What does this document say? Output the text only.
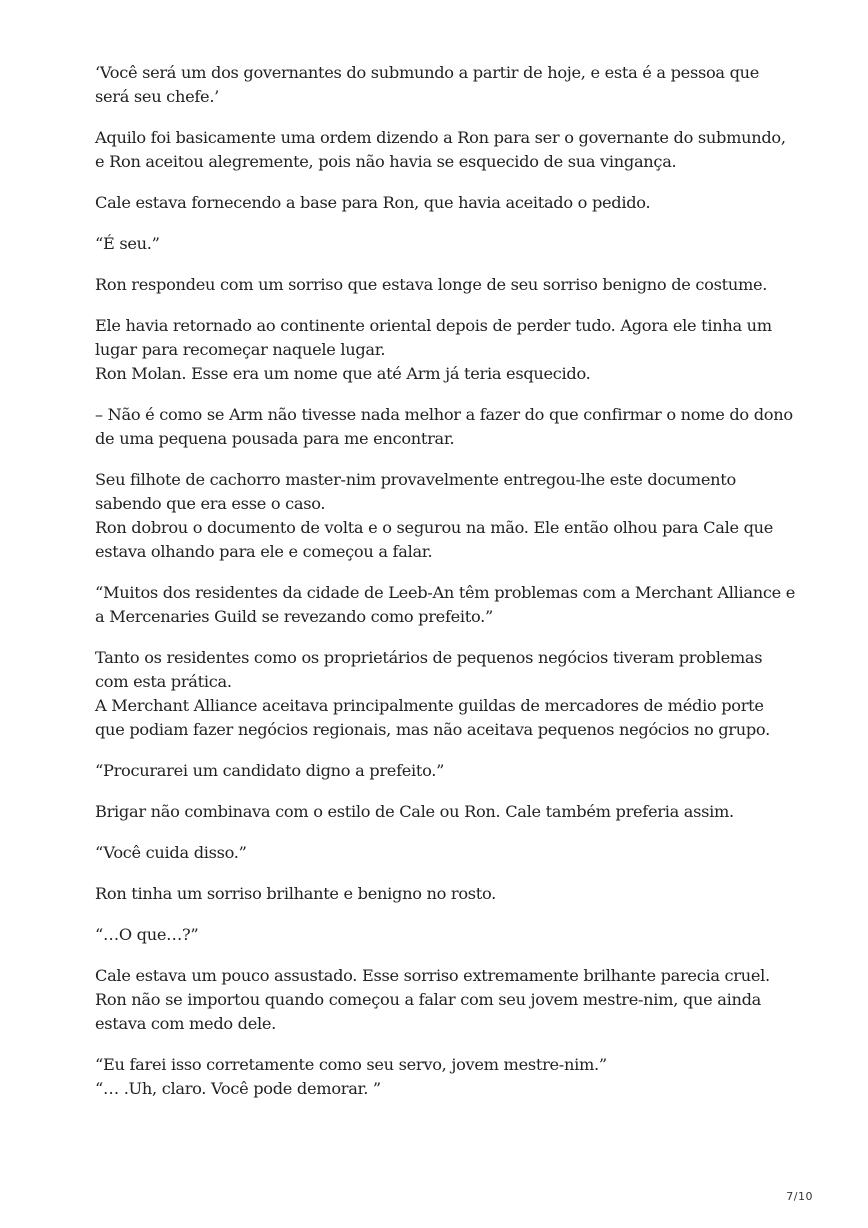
‘Você será um dos governantes do submundo a partir de hoje, e esta é a pessoa que será seu chefe.’

Aquilo foi basicamente uma ordem dizendo a Ron para ser o governante do submundo, e Ron aceitou alegremente, pois não havia se esquecido de sua vingança.

Cale estava fornecendo a base para Ron, que havia aceitado o pedido.

“É seu.”

Ron respondeu com um sorriso que estava longe de seu sorriso benigno de costume.

Ele havia retornado ao continente oriental depois de perder tudo. Agora ele tinha um lugar para recomeçar naquele lugar.
Ron Molan. Esse era um nome que até Arm já teria esquecido.

– Não é como se Arm não tivesse nada melhor a fazer do que confirmar o nome do dono de uma pequena pousada para me encontrar.

Seu filhote de cachorro master-nim provavelmente entregou-lhe este documento sabendo que era esse o caso.
Ron dobrou o documento de volta e o segurou na mão. Ele então olhou para Cale que estava olhando para ele e começou a falar.

“Muitos dos residentes da cidade de Leeb-An têm problemas com a Merchant Alliance e a Mercenaries Guild se revezando como prefeito.”

Tanto os residentes como os proprietários de pequenos negócios tiveram problemas com esta prática.
A Merchant Alliance aceitava principalmente guildas de mercadores de médio porte que podiam fazer negócios regionais, mas não aceitava pequenos negócios no grupo.

“Procurarei um candidato digno a prefeito.”

Brigar não combinava com o estilo de Cale ou Ron. Cale também preferia assim.

“Você cuida disso.”

Ron tinha um sorriso brilhante e benigno no rosto.

“…O que…?”

Cale estava um pouco assustado. Esse sorriso extremamente brilhante parecia cruel. Ron não se importou quando começou a falar com seu jovem mestre-nim, que ainda estava com medo dele.

“Eu farei isso corretamente como seu servo, jovem mestre-nim.”
“… .Uh, claro. Você pode demorar. ”

7/10
